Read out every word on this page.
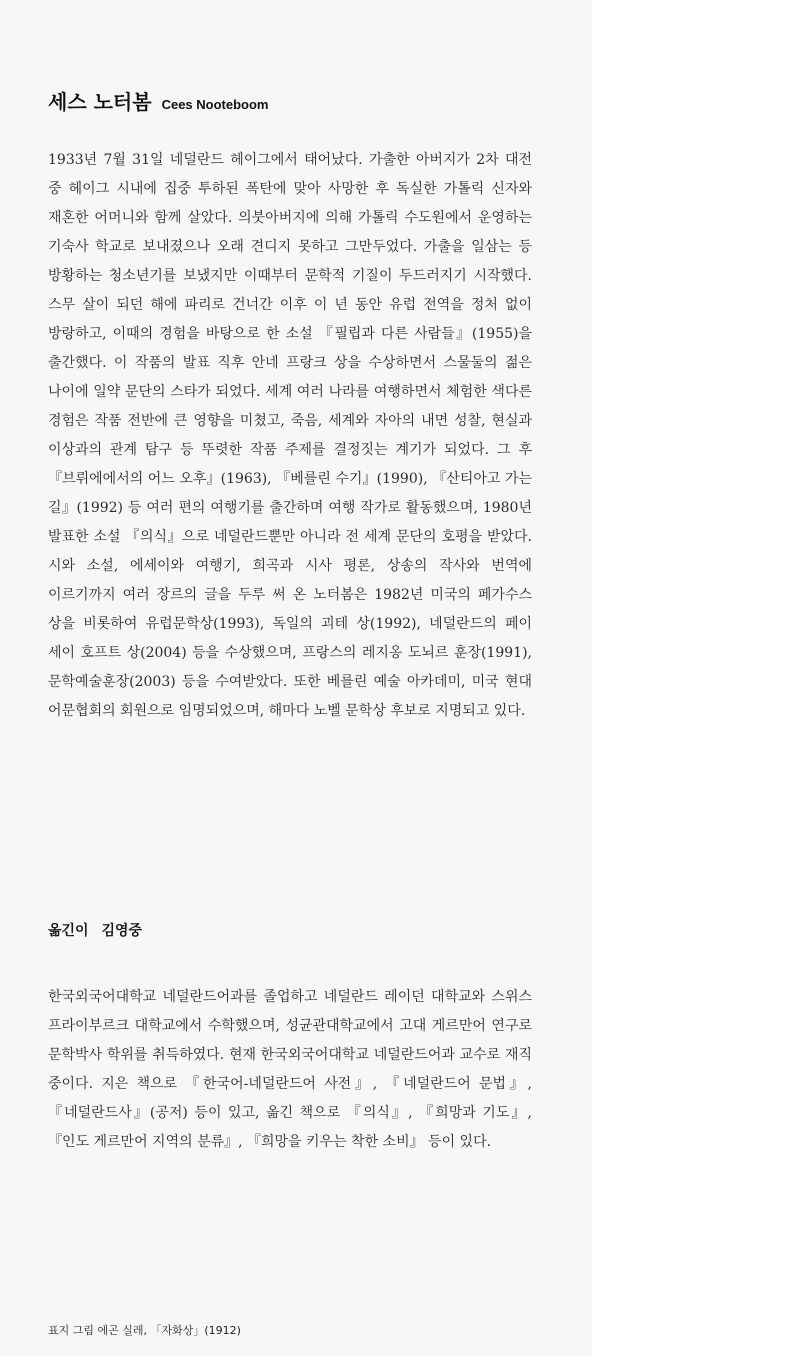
세스 노터봄 Cees Nooteboom

1933년 7월 31일 네덜란드 헤이그에서 태어났다. 가출한 아버지가 2차 대전 중 헤이그 시내에 집중 투하된 폭탄에 맞아 사망한 후 독실한 가톨릭 신자와 재혼한 어머니와 함께 살았다. 의붓아버지에 의해 가톨릭 수도원에서 운영하는 기숙사 학교로 보내졌으나 오래 견디지 못하고 그만두었다. 가출을 일삼는 등 방황하는 청소년기를 보냈지만 이때부터 문학적 기질이 두드러지기 시작했다. 스무 살이 되던 해에 파리로 건너간 이후 이 년 동안 유럽 전역을 정처 없이 방랑하고, 이때의 경험을 바탕으로 한 소설 『필립과 다른 사람들』(1955)을 출간했다. 이 작품의 발표 직후 안네 프랑크 상을 수상하면서 스물둘의 젊은 나이에 일약 문단의 스타가 되었다. 세계 여러 나라를 여행하면서 체험한 색다른 경험은 작품 전반에 큰 영향을 미쳤고, 죽음, 세계와 자아의 내면 성찰, 현실과 이상과의 관계 탐구 등 뚜렷한 작품 주제를 결정짓는 계기가 되었다. 그 후 『브뤼에에서의 어느 오후』(1963), 『베를린 수기』(1990), 『산티아고 가는 길』(1992) 등 여러 편의 여행기를 출간하며 여행 작가로 활동했으며, 1980년 발표한 소설 『의식』으로 네덜란드뿐만 아니라 전 세계 문단의 호평을 받았다. 시와 소설, 에세이와 여행기, 희곡과 시사 평론, 상송의 작사와 번역에 이르기까지 여러 장르의 글을 두루 써 온 노터봄은 1982년 미국의 페가수스 상을 비롯하여 유럽문학상(1993), 독일의 괴테 상(1992), 네덜란드의 페이 세이 호프트 상(2004) 등을 수상했으며, 프랑스의 레지옹 도뇌르 훈장(1991), 문학예술훈장(2003) 등을 수여받았다. 또한 베를린 예술 아카데미, 미국 현대 어문협회의 회원으로 임명되었으며, 해마다 노벨 문학상 후보로 지명되고 있다.

옮긴이 김영중

한국외국어대학교 네덜란드어과를 졸업하고 네덜란드 레이던 대학교와 스위스 프라이부르크 대학교에서 수학했으며, 성균관대학교에서 고대 게르만어 연구로 문학박사 학위를 취득하였다. 현재 한국외국어대학교 네덜란드어과 교수로 재직 중이다. 지은 책으로 『한국어-네덜란드어 사전』, 『네덜란드어 문법』, 『네덜란드사』(공저) 등이 있고, 옮긴 책으로 『의식』, 『희망과 기도』, 『인도 게르만어 지역의 분류』, 『희망을 키우는 착한 소비』 등이 있다.

표지 그림 에곤 실레, 「자화상」(1912)
